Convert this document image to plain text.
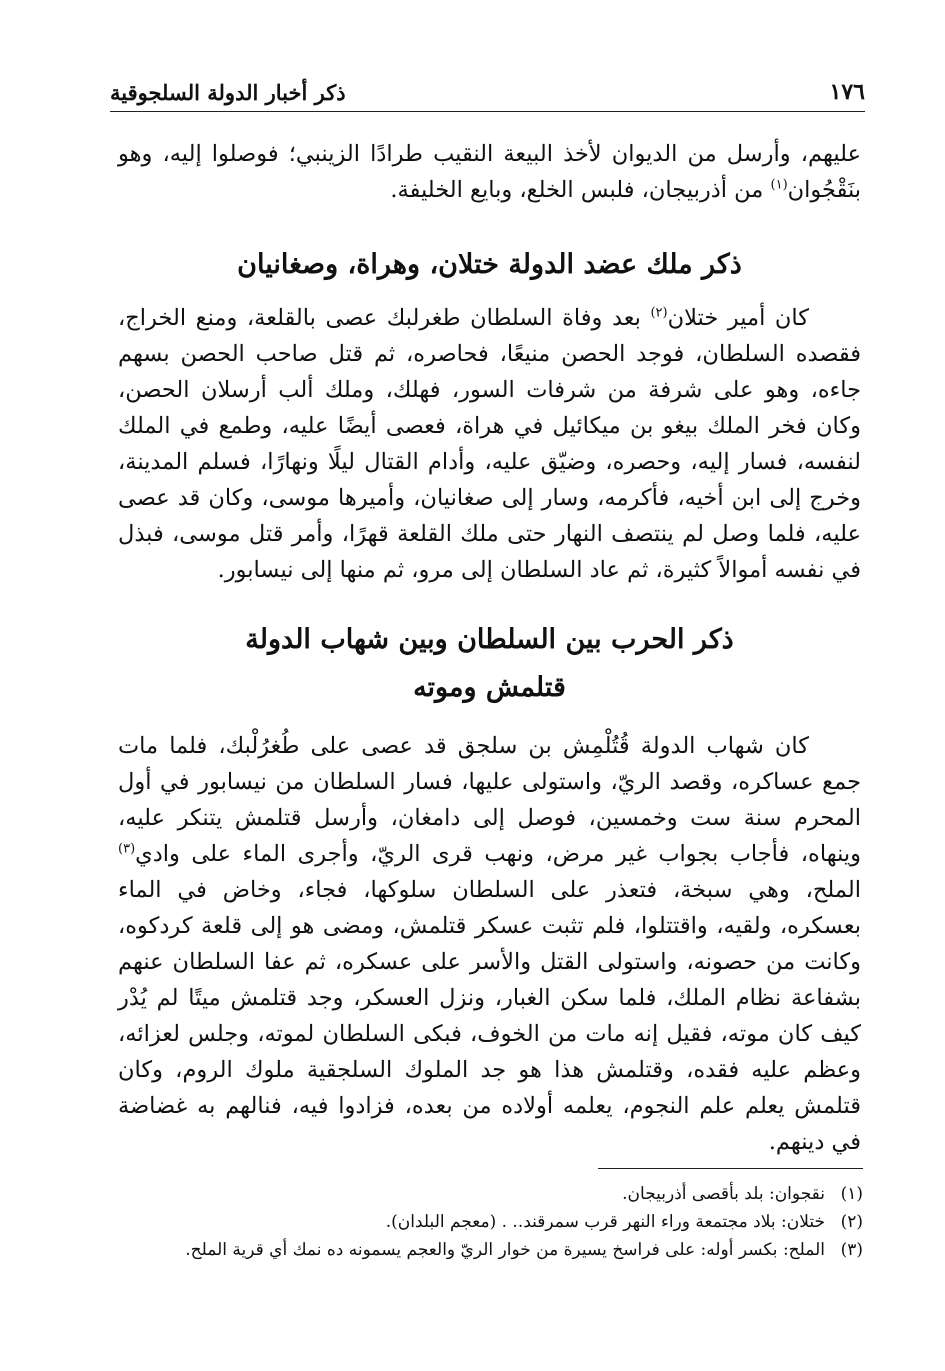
١٧٦
ذكر أخبار الدولة السلجوقية

عليهم، وأرسل من الديوان لأخذ البيعة النقيب طرادًا الزينبي؛ فوصلوا إليه، وهو بنَقْجُوان$^{(١)}$ من أذربيجان، فلبس الخلع، وبايع الخليفة.

ذكر ملك عضد الدولة ختلان، وهراة، وصغانيان

كان أمير ختلان$^{(٢)}$ بعد وفاة السلطان طغرلبك عصى بالقلعة، ومنع الخراج، فقصده السلطان، فوجد الحصن منيعًا، فحاصره، ثم قتل صاحب الحصن بسهم جاءه، وهو على شرفة من شرفات السور، فهلك، وملك ألب أرسلان الحصن، وكان فخر الملك بيغو بن ميكائيل في هراة، فعصى أيضًا عليه، وطمع في الملك لنفسه، فسار إليه، وحصره، وضيّق عليه، وأدام القتال ليلًا ونهارًا، فسلم المدينة، وخرج إلى ابن أخيه، فأكرمه، وسار إلى صغانيان، وأميرها موسى، وكان قد عصى عليه، فلما وصل لم ينتصف النهار حتى ملك القلعة قهرًا، وأمر قتل موسى، فبذل في نفسه أموالاً كثيرة، ثم عاد السلطان إلى مرو، ثم منها إلى نيسابور.

ذكر الحرب بين السلطان وبين شهاب الدولة
قتلمش وموته

كان شهاب الدولة قُتُلْمِش بن سلجق قد عصى على طُغرُلْبك، فلما مات جمع عساكره، وقصد الريّ، واستولى عليها، فسار السلطان من نيسابور في أول المحرم سنة ست وخمسين، فوصل إلى دامغان، وأرسل قتلمش يتنكر عليه، وينهاه، فأجاب بجواب غير مرض، ونهب قرى الريّ، وأجرى الماء على وادي$^{(٣)}$ الملح، وهي سبخة، فتعذر على السلطان سلوكها، فجاء، وخاض في الماء بعسكره، ولقيه، واقتتلوا، فلم تثبت عسكر قتلمش، ومضى هو إلى قلعة كردكوه، وكانت من حصونه، واستولى القتل والأسر على عسكره، ثم عفا السلطان عنهم بشفاعة نظام الملك، فلما سكن الغبار، ونزل العسكر، وجد قتلمش ميتًا لم يُدْر كيف كان موته، فقيل إنه مات من الخوف، فبكى السلطان لموته، وجلس لعزائه، وعظم عليه فقده، وقتلمش هذا هو جد الملوك السلجقية ملوك الروم، وكان قتلمش يعلم علم النجوم، يعلمه أولاده من بعده، فزادوا فيه، فنالهم به غضاضة في دينهم.

(١)
نقجوان: بلد بأقصى أذربيجان.
(٢)
ختلان: بلاد مجتمعة وراء النهر قرب سمرقند.. . (معجم البلدان).
(٣)
الملح: بكسر أوله: على فراسخ يسيرة من خوار الريّ والعجم يسمونه ده نمك أي قرية الملح.
